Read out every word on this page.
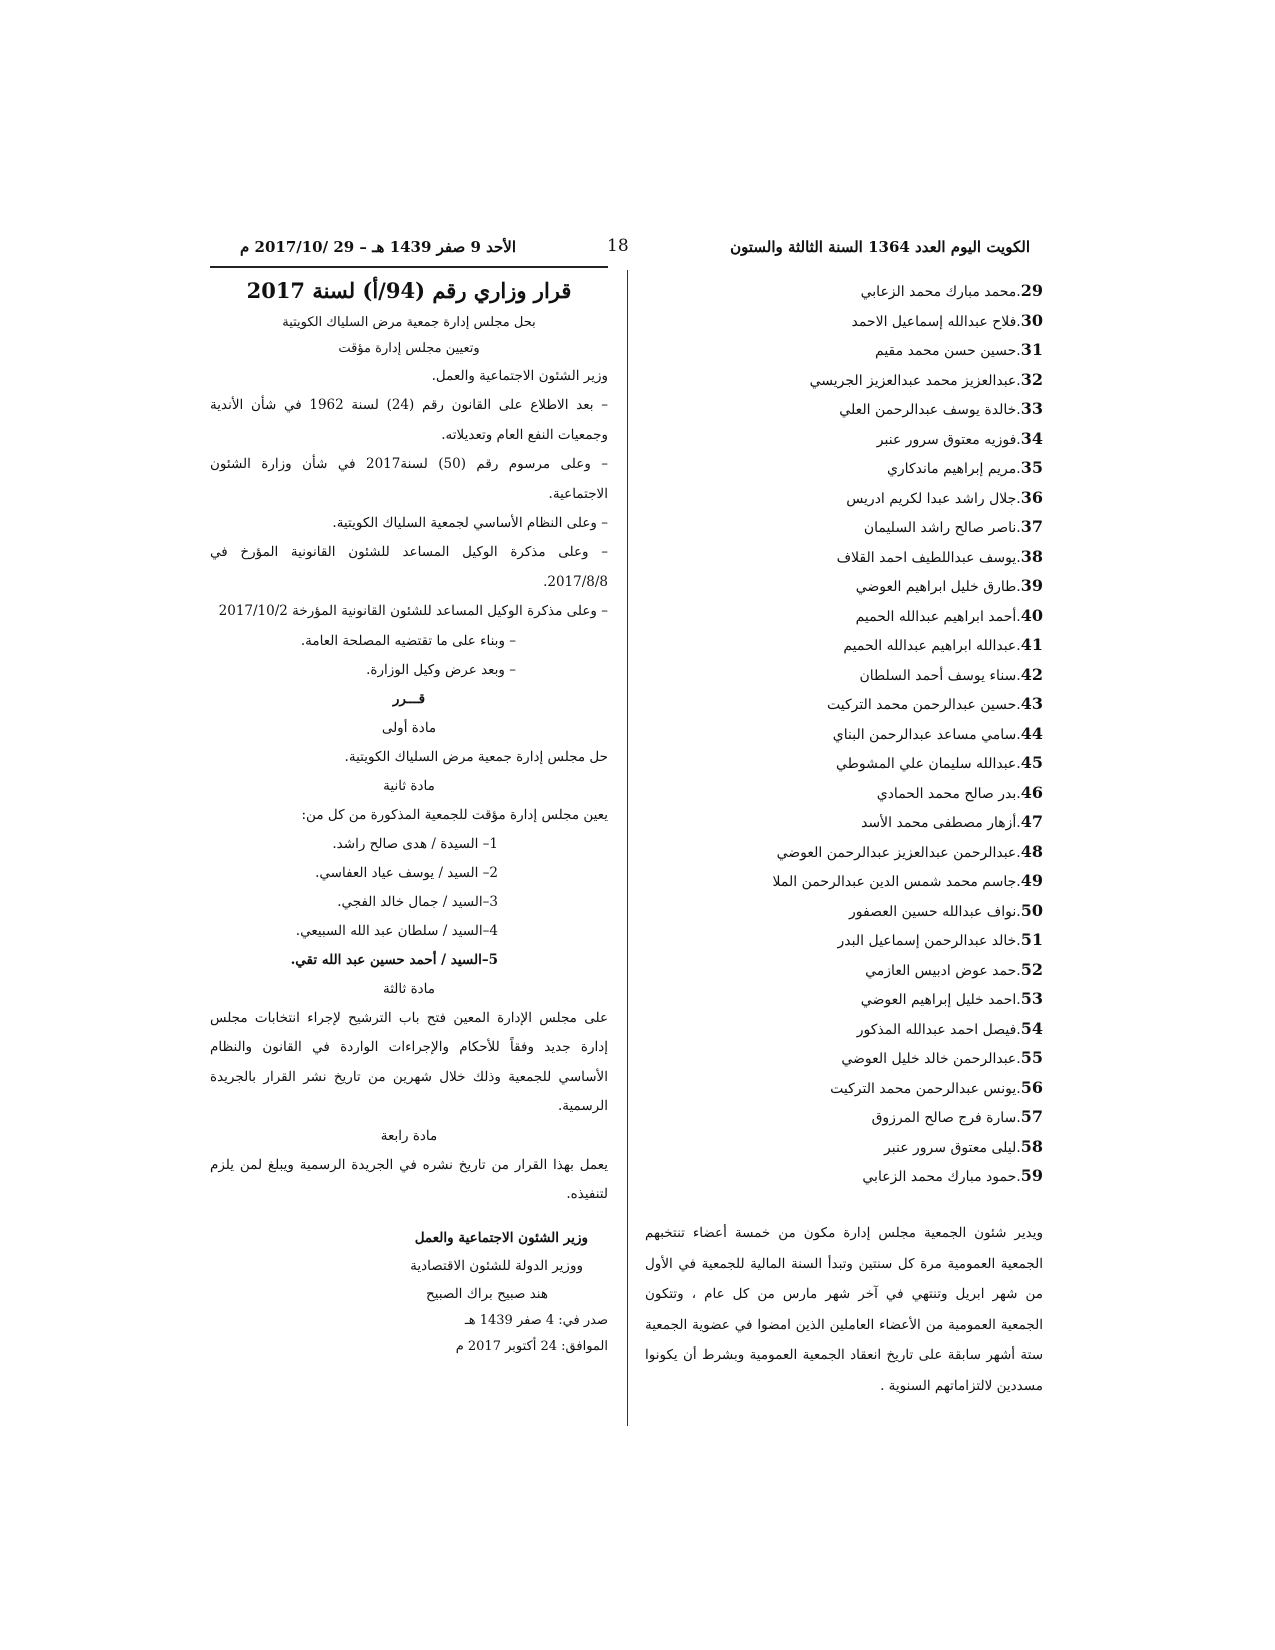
الكويت اليوم العدد 1364 السنة الثالثة والستون
18
الأحد 9 صفر 1439 هـ – 29 /2017/10 م
29.محمد مبارك محمد الزعابي
30.فلاح عبدالله إسماعيل الاحمد
31.حسين حسن محمد مقيم
32.عبدالعزيز محمد عبدالعزيز الجريسي
33.خالدة يوسف عبدالرحمن العلي
34.فوزيه معتوق سرور عنبر
35.مريم إبراهيم ماندكاري
36.جلال راشد عبدا لكريم ادريس
37.ناصر صالح راشد السليمان
38.يوسف عبداللطيف احمد القلاف
39.طارق خليل ابراهيم العوضي
40.أحمد ابراهيم عبدالله الحميم
41.عبدالله ابراهيم عبدالله الحميم
42.سناء يوسف أحمد السلطان
43.حسين عبدالرحمن محمد التركيت
44.سامي مساعد عبدالرحمن البناي
45.عبدالله سليمان علي المشوطي
46.بدر صالح محمد الحمادي
47.أزهار مصطفى محمد الأسد
48.عبدالرحمن عبدالعزيز عبدالرحمن العوضي
49.جاسم محمد شمس الدين عبدالرحمن الملا
50.نواف عبدالله حسين العصفور
51.خالد عبدالرحمن إسماعيل البدر
52.حمد عوض ادبيس العازمي
53.احمد خليل إبراهيم العوضي
54.فيصل احمد عبدالله المذكور
55.عبدالرحمن خالد خليل العوضي
56.يونس عبدالرحمن محمد التركيت
57.سارة فرج صالح المرزوق
58.ليلى معتوق سرور عنبر
59.حمود مبارك محمد الزعابي

ويدير شئون الجمعية مجلس إدارة مكون من خمسة أعضاء تنتخبهم الجمعية العمومية مرة كل سنتين وتبدأ السنة المالية للجمعية في الأول من شهر ابريل وتنتهي في آخر شهر مارس من كل عام ، وتتكون الجمعية العمومية من الأعضاء العاملين الذين امضوا في عضوية الجمعية ستة أشهر سابقة على تاريخ انعقاد الجمعية العمومية وبشرط أن يكونوا مسددين لالتزاماتهم السنوية .

قرار وزاري رقم (94/أ) لسنة 2017

بحل مجلس إدارة جمعية مرض السلياك الكويتية

وتعيين مجلس إدارة مؤقت

وزير الشئون الاجتماعية والعمل.

– بعد الاطلاع على القانون رقم (24) لسنة 1962 في شأن الأندية وجمعيات النفع العام وتعديلاته.

– وعلى مرسوم رقم (50) لسنة2017 في شأن وزارة الشئون الاجتماعية.

– وعلى النظام الأساسي لجمعية السلياك الكويتية.

– وعلى مذكرة الوكيل المساعد للشئون القانونية المؤرخ في 2017/8/8.

– وعلى مذكرة الوكيل المساعد للشئون القانونية المؤرخة 2017/10/2

– وبناء على ما تقتضيه المصلحة العامة.

– وبعد عرض وكيل الوزارة.

قـــرر

مادة أولى

حل مجلس إدارة جمعية مرض السلياك الكويتية.

مادة ثانية

يعين مجلس إدارة مؤقت للجمعية المذكورة من كل من:

1– السيدة / هدى صالح راشد.

2– السيد / يوسف عياد العفاسي.

3–السيد / جمال خالد الفجي.

4–السيد / سلطان عبد الله السبيعي.

5–السيد / أحمد حسين عبد الله تقي.

مادة ثالثة

على مجلس الإدارة المعين فتح باب الترشيح لإجراء انتخابات مجلس إدارة جديد وفقاً للأحكام والإجراءات الواردة في القانون والنظام الأساسي للجمعية وذلك خلال شهرين من تاريخ نشر القرار بالجريدة الرسمية.

مادة رابعة

يعمل بهذا القرار من تاريخ نشره في الجريدة الرسمية ويبلغ لمن يلزم لتنفيذه.

وزير الشئون الاجتماعية والعمل

ووزير الدولة للشئون الاقتصادية

هند صبيح براك الصبيح

صدر في: 4 صفر 1439 هـ

الموافق: 24 أكتوبر 2017 م
